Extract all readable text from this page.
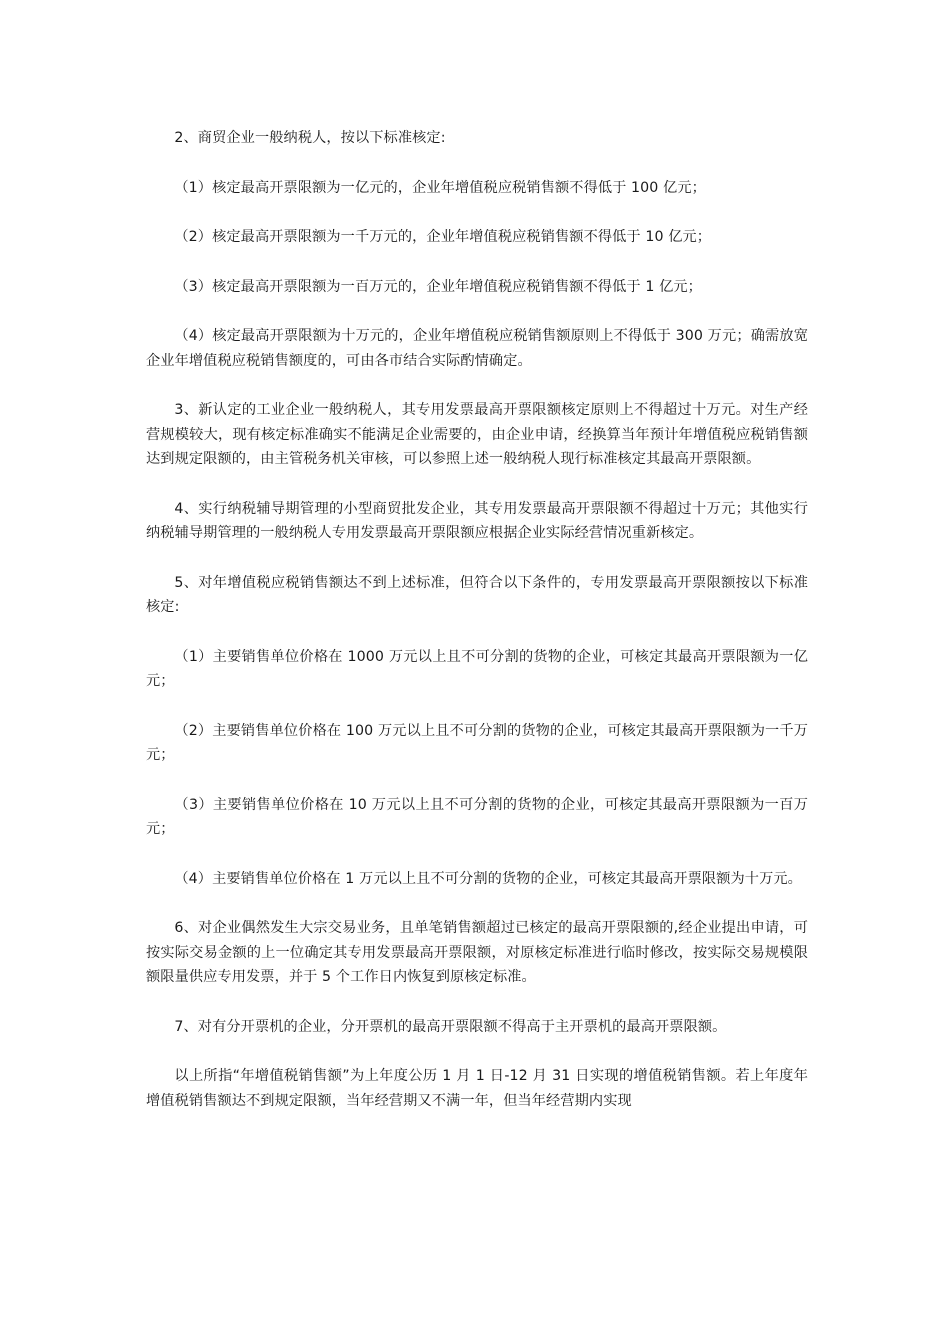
2、商贸企业一般纳税人，按以下标准核定:

（1）核定最高开票限额为一亿元的，企业年增值税应税销售额不得低于 100 亿元；

（2）核定最高开票限额为一千万元的，企业年增值税应税销售额不得低于 10 亿元；

（3）核定最高开票限额为一百万元的，企业年增值税应税销售额不得低于 1 亿元；

（4）核定最高开票限额为十万元的，企业年增值税应税销售额原则上不得低于 300 万元；确需放宽企业年增值税应税销售额度的，可由各市结合实际酌情确定。

3、新认定的工业企业一般纳税人，其专用发票最高开票限额核定原则上不得超过十万元。对生产经营规模较大，现有核定标准确实不能满足企业需要的，由企业申请，经换算当年预计年增值税应税销售额达到规定限额的，由主管税务机关审核，可以参照上述一般纳税人现行标准核定其最高开票限额。

4、实行纳税辅导期管理的小型商贸批发企业，其专用发票最高开票限额不得超过十万元；其他实行纳税辅导期管理的一般纳税人专用发票最高开票限额应根据企业实际经营情况重新核定。

5、对年增值税应税销售额达不到上述标准，但符合以下条件的，专用发票最高开票限额按以下标准核定:

（1）主要销售单位价格在 1000 万元以上且不可分割的货物的企业，可核定其最高开票限额为一亿元；

（2）主要销售单位价格在 100 万元以上且不可分割的货物的企业，可核定其最高开票限额为一千万元；

（3）主要销售单位价格在 10 万元以上且不可分割的货物的企业，可核定其最高开票限额为一百万元；

（4）主要销售单位价格在 1 万元以上且不可分割的货物的企业，可核定其最高开票限额为十万元。

6、对企业偶然发生大宗交易业务，且单笔销售额超过已核定的最高开票限额的,经企业提出申请，可按实际交易金额的上一位确定其专用发票最高开票限额，对原核定标准进行临时修改，按实际交易规模限额限量供应专用发票，并于 5 个工作日内恢复到原核定标准。

7、对有分开票机的企业，分开票机的最高开票限额不得高于主开票机的最高开票限额。

以上所指“年增值税销售额”为上年度公历 1 月 1 日-12 月 31 日实现的增值税销售额。若上年度年增值税销售额达不到规定限额，当年经营期又不满一年，但当年经营期内实现
